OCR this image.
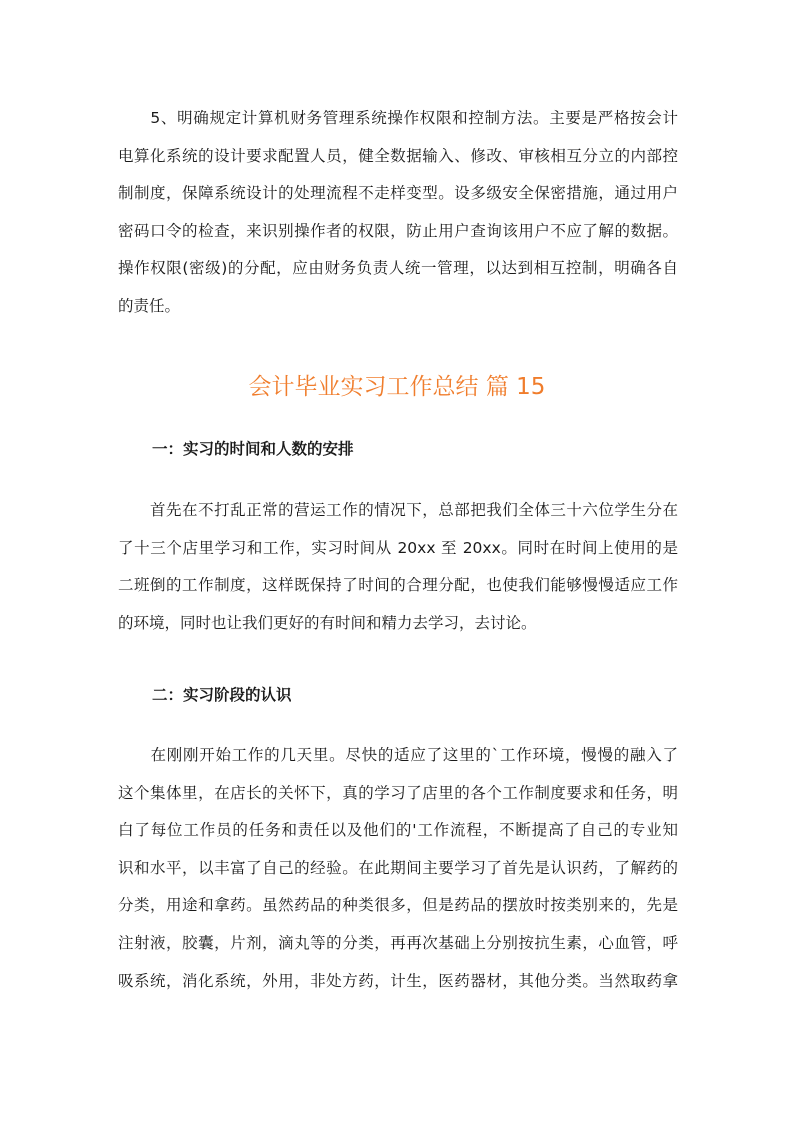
　　5、明确规定计算机财务管理系统操作权限和控制方法。主要是严格按会计
电算化系统的设计要求配置人员，健全数据输入、修改、审核相互分立的内部控
制制度，保障系统设计的处理流程不走样变型。设多级安全保密措施，通过用户
密码口令的检查，来识别操作者的权限，防止用户查询该用户不应了解的数据。
操作权限(密级)的分配，应由财务负责人统一管理，以达到相互控制，明确各自
的责任。
会计毕业实习工作总结 篇 15
一：实习的时间和人数的安排
　　首先在不打乱正常的营运工作的情况下，总部把我们全体三十六位学生分在
了十三个店里学习和工作，实习时间从 20xx 至 20xx。同时在时间上使用的是
二班倒的工作制度，这样既保持了时间的合理分配，也使我们能够慢慢适应工作
的环境，同时也让我们更好的有时间和精力去学习，去讨论。
二：实习阶段的认识
　　在刚刚开始工作的几天里。尽快的适应了这里的`工作环境，慢慢的融入了
这个集体里，在店长的关怀下，真的学习了店里的各个工作制度要求和任务，明
白了每位工作员的任务和责任以及他们的'工作流程，不断提高了自己的专业知
识和水平，以丰富了自己的经验。在此期间主要学习了首先是认识药，了解药的
分类，用途和拿药。虽然药品的种类很多，但是药品的摆放时按类别来的，先是
注射液，胶囊，片剂，滴丸等的分类，再再次基础上分别按抗生素，心血管，呼
吸系统，消化系统，外用，非处方药，计生，医药器材，其他分类。当然取药拿
